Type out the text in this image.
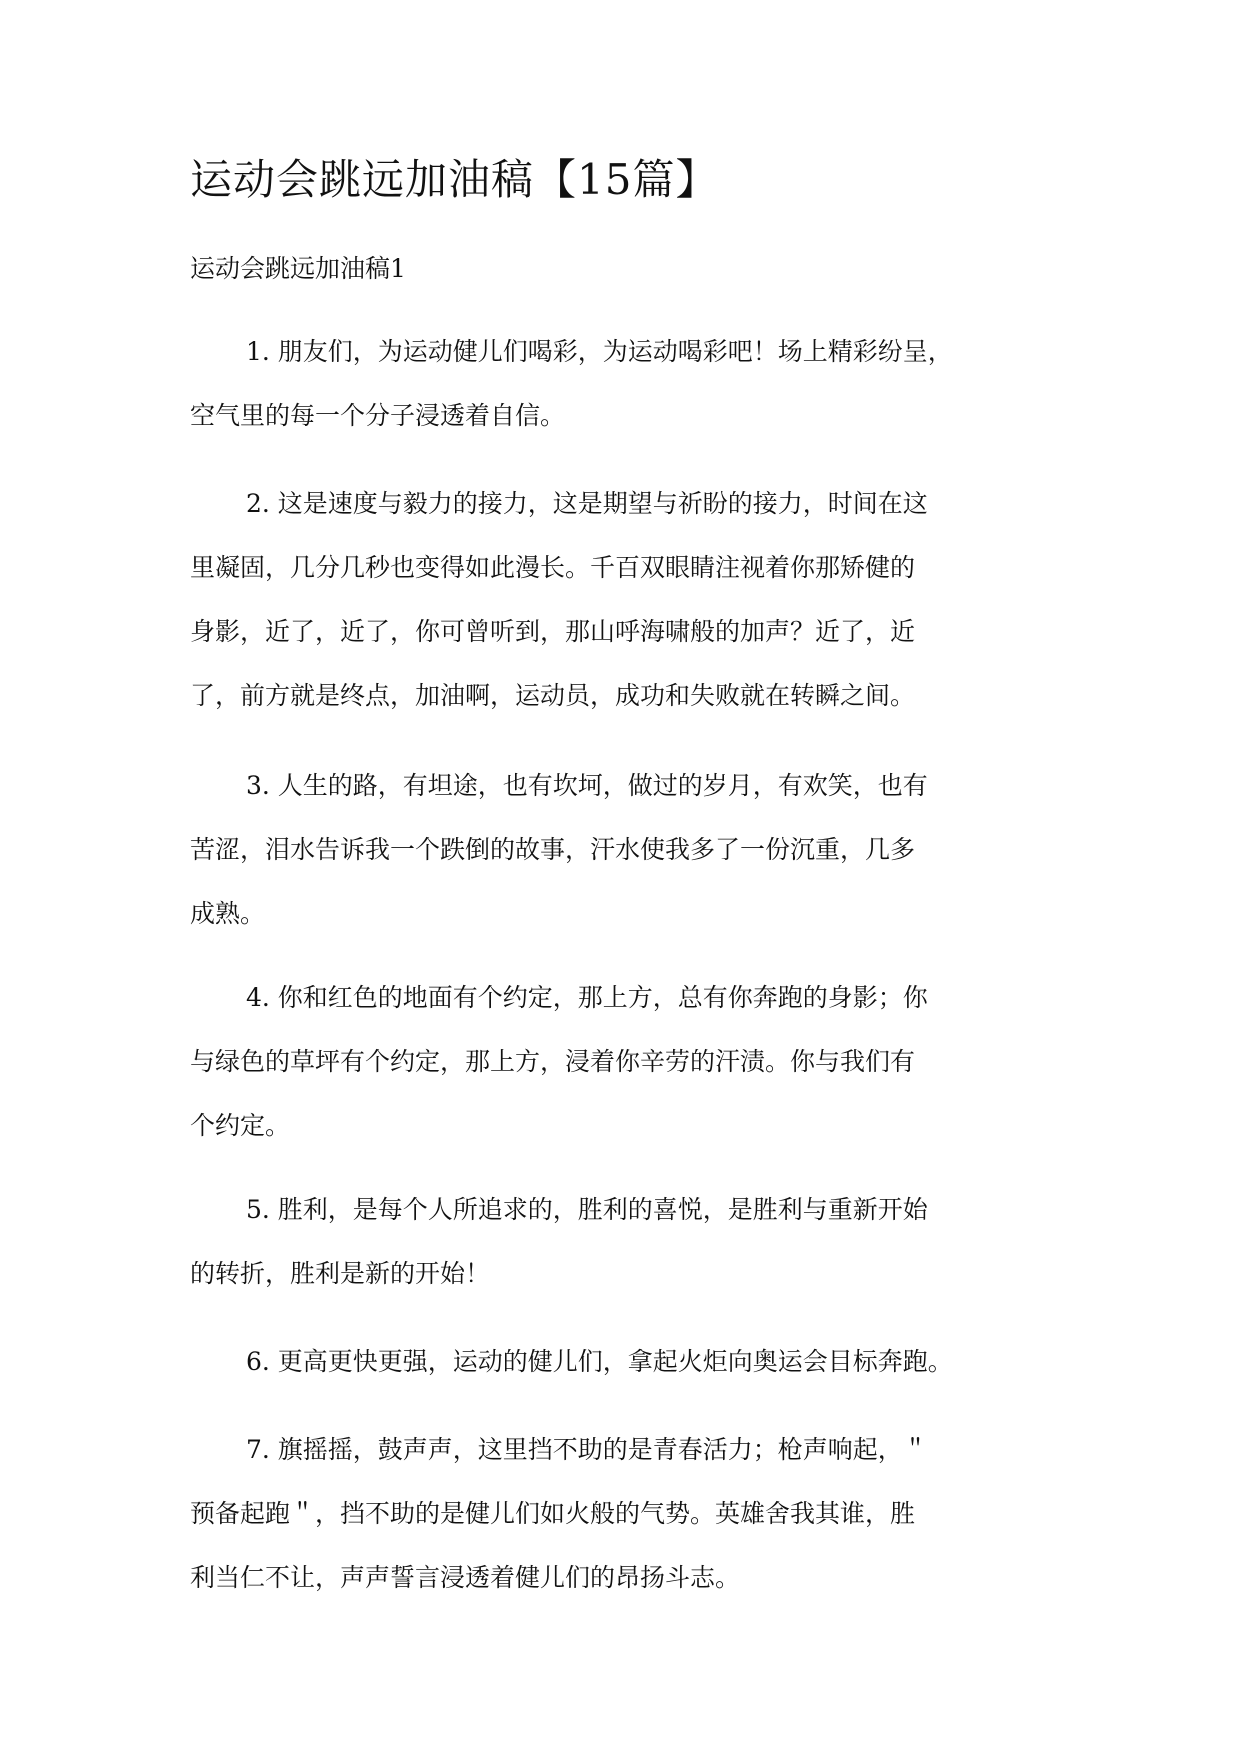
运动会跳远加油稿【15篇】
运动会跳远加油稿1
1. 朋友们，为运动健儿们喝彩，为运动喝彩吧！场上精彩纷呈，
空气里的每一个分子浸透着自信。
2. 这是速度与毅力的接力，这是期望与祈盼的接力，时间在这
里凝固，几分几秒也变得如此漫长。千百双眼睛注视着你那矫健的
身影，近了，近了，你可曾听到，那山呼海啸般的加声？近了，近
了，前方就是终点，加油啊，运动员，成功和失败就在转瞬之间。
3. 人生的路，有坦途，也有坎坷，做过的岁月，有欢笑，也有
苦涩，泪水告诉我一个跌倒的故事，汗水使我多了一份沉重，几多
成熟。
4. 你和红色的地面有个约定，那上方，总有你奔跑的身影；你
与绿色的草坪有个约定，那上方，浸着你辛劳的汗渍。你与我们有
个约定。
5. 胜利，是每个人所追求的，胜利的喜悦，是胜利与重新开始
的转折，胜利是新的开始！
6. 更高更快更强，运动的健儿们，拿起火炬向奥运会目标奔跑。
7. 旗摇摇，鼓声声，这里挡不助的是青春活力；枪声响起，＂
预备起跑＂，挡不助的是健儿们如火般的气势。英雄舍我其谁，胜
利当仁不让，声声誓言浸透着健儿们的昂扬斗志。
